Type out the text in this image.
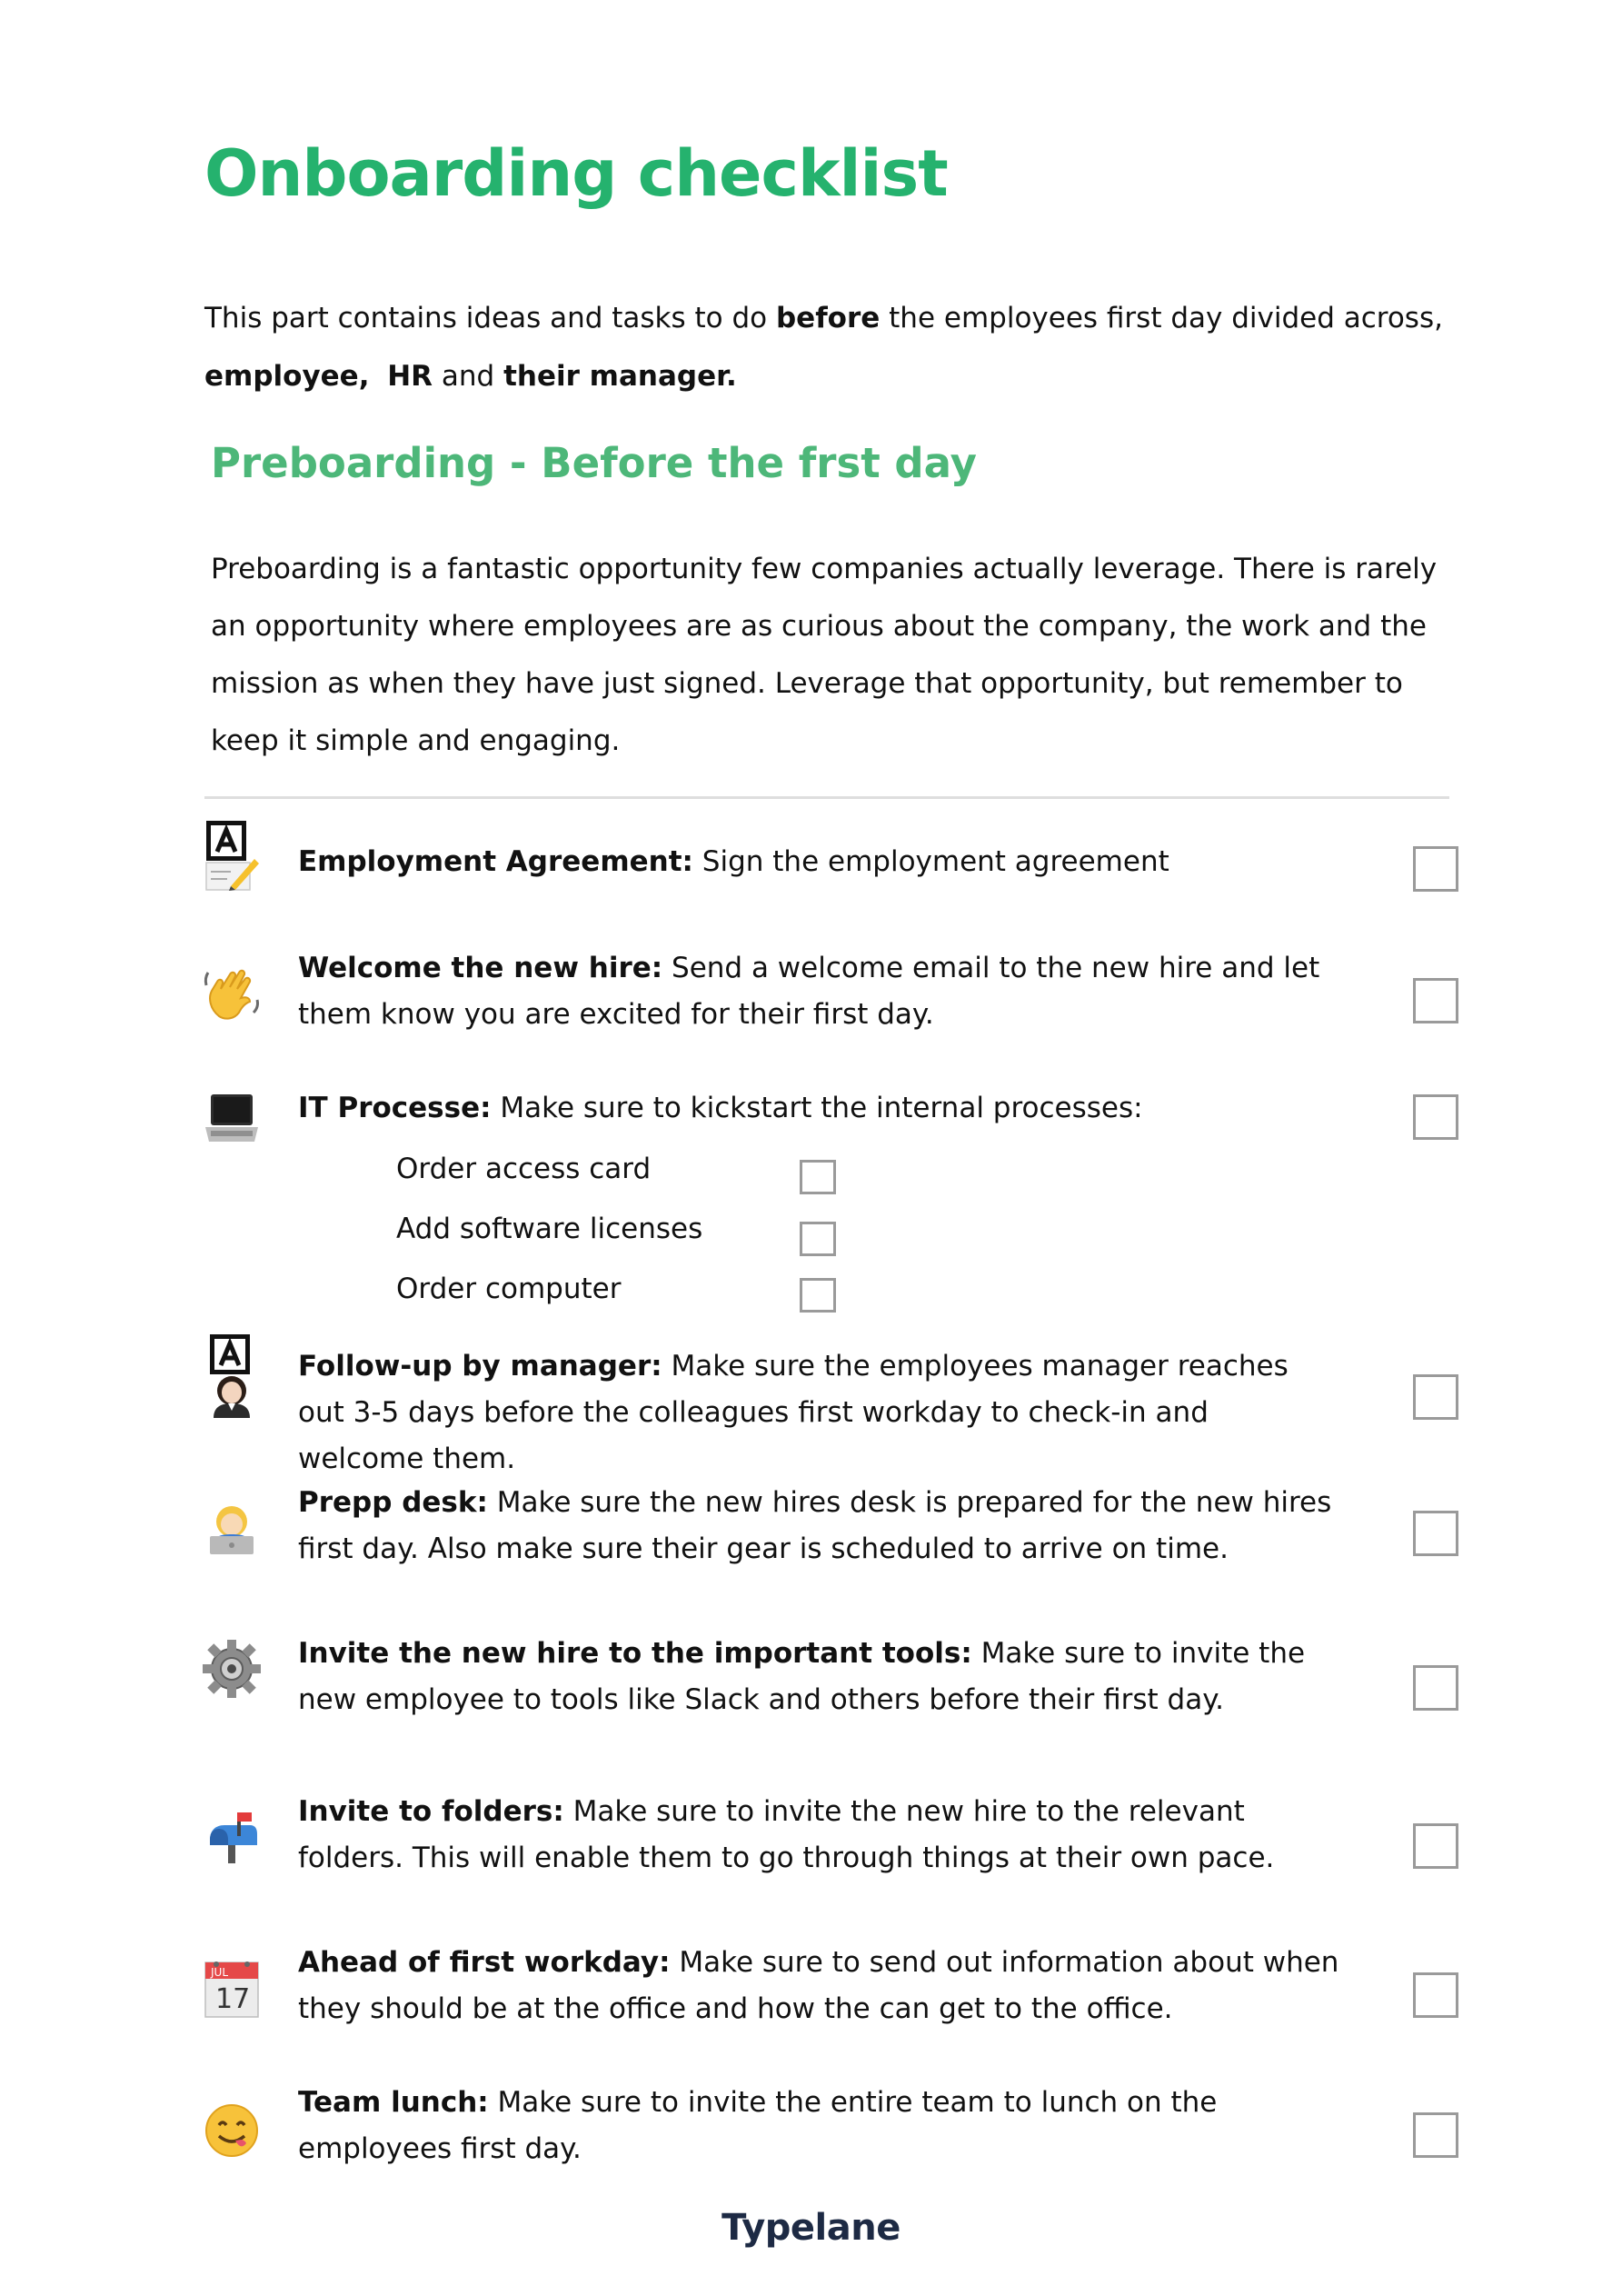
Onboarding checklist

This part contains ideas and tasks to do before the employees first day divided across,
employee, HR and their manager.

Preboarding - Before the frst day

Preboarding is a fantastic opportunity few companies actually leverage. There is rarely an opportunity where employees are as curious about the company, the work and the mission as when they have just signed. Leverage that opportunity, but remember to keep it simple and engaging.

Employment Agreement: Sign the employment agreement

Welcome the new hire: Send a welcome email to the new hire and let them know you are excited for their first day.

IT Processe: Make sure to kickstart the internal processes:

Order access card
Add software licenses
Order computer

Follow-up by manager: Make sure the employees manager reaches out 3-5 days before the colleagues first workday to check-in and welcome them.

Prepp desk: Make sure the new hires desk is prepared for the new hires first day. Also make sure their gear is scheduled to arrive on time.

Invite the new hire to the important tools: Make sure to invite the new employee to tools like Slack and others before their first day.

Invite to folders: Make sure to invite the new hire to the relevant folders. This will enable them to go through things at their own pace.

JUL
17

Ahead of first workday: Make sure to send out information about when they should be at the office and how the can get to the office.

Team lunch: Make sure to invite the entire team to lunch on the employees first day.

Typelane
